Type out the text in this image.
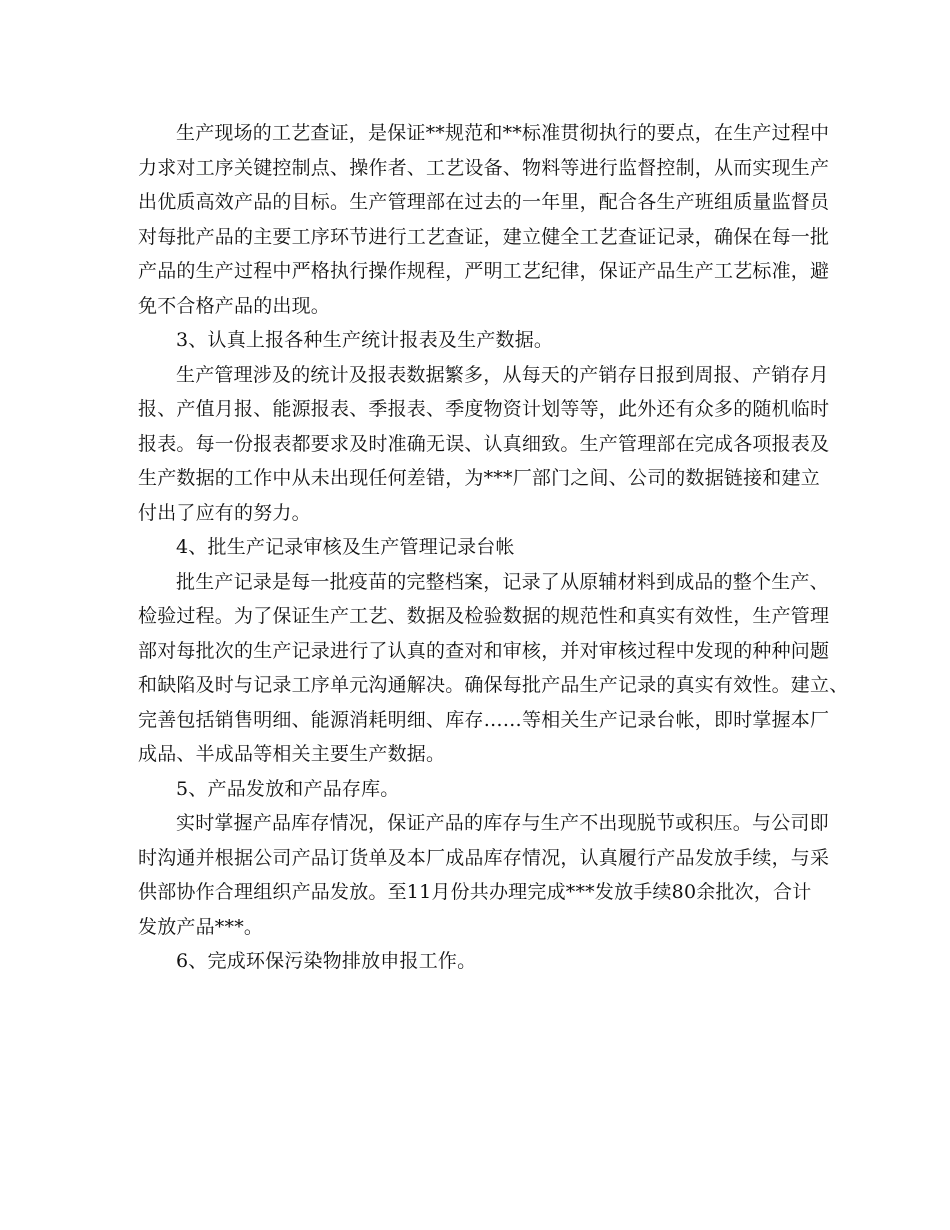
生产现场的工艺查证，是保证**规范和**标准贯彻执行的要点，在生产过程中
力求对工序关键控制点、操作者、工艺设备、物料等进行监督控制，从而实现生产
出优质高效产品的目标。生产管理部在过去的一年里，配合各生产班组质量监督员
对每批产品的主要工序环节进行工艺查证，建立健全工艺查证记录，确保在每一批
产品的生产过程中严格执行操作规程，严明工艺纪律，保证产品生产工艺标准，避
免不合格产品的出现。
3、认真上报各种生产统计报表及生产数据。
生产管理涉及的统计及报表数据繁多，从每天的产销存日报到周报、产销存月
报、产值月报、能源报表、季报表、季度物资计划等等，此外还有众多的随机临时
报表。每一份报表都要求及时准确无误、认真细致。生产管理部在完成各项报表及
生产数据的工作中从未出现任何差错，为***厂部门之间、公司的数据链接和建立
付出了应有的努力。
4、批生产记录审核及生产管理记录台帐
批生产记录是每一批疫苗的完整档案，记录了从原辅材料到成品的整个生产、
检验过程。为了保证生产工艺、数据及检验数据的规范性和真实有效性，生产管理
部对每批次的生产记录进行了认真的查对和审核，并对审核过程中发现的种种问题
和缺陷及时与记录工序单元沟通解决。确保每批产品生产记录的真实有效性。建立、
完善包括销售明细、能源消耗明细、库存……等相关生产记录台帐，即时掌握本厂
成品、半成品等相关主要生产数据。
5、产品发放和产品存库。
实时掌握产品库存情况，保证产品的库存与生产不出现脱节或积压。与公司即
时沟通并根据公司产品订货单及本厂成品库存情况，认真履行产品发放手续，与采
供部协作合理组织产品发放。至11月份共办理完成***发放手续80余批次，合计
发放产品***。
6、完成环保污染物排放申报工作。
